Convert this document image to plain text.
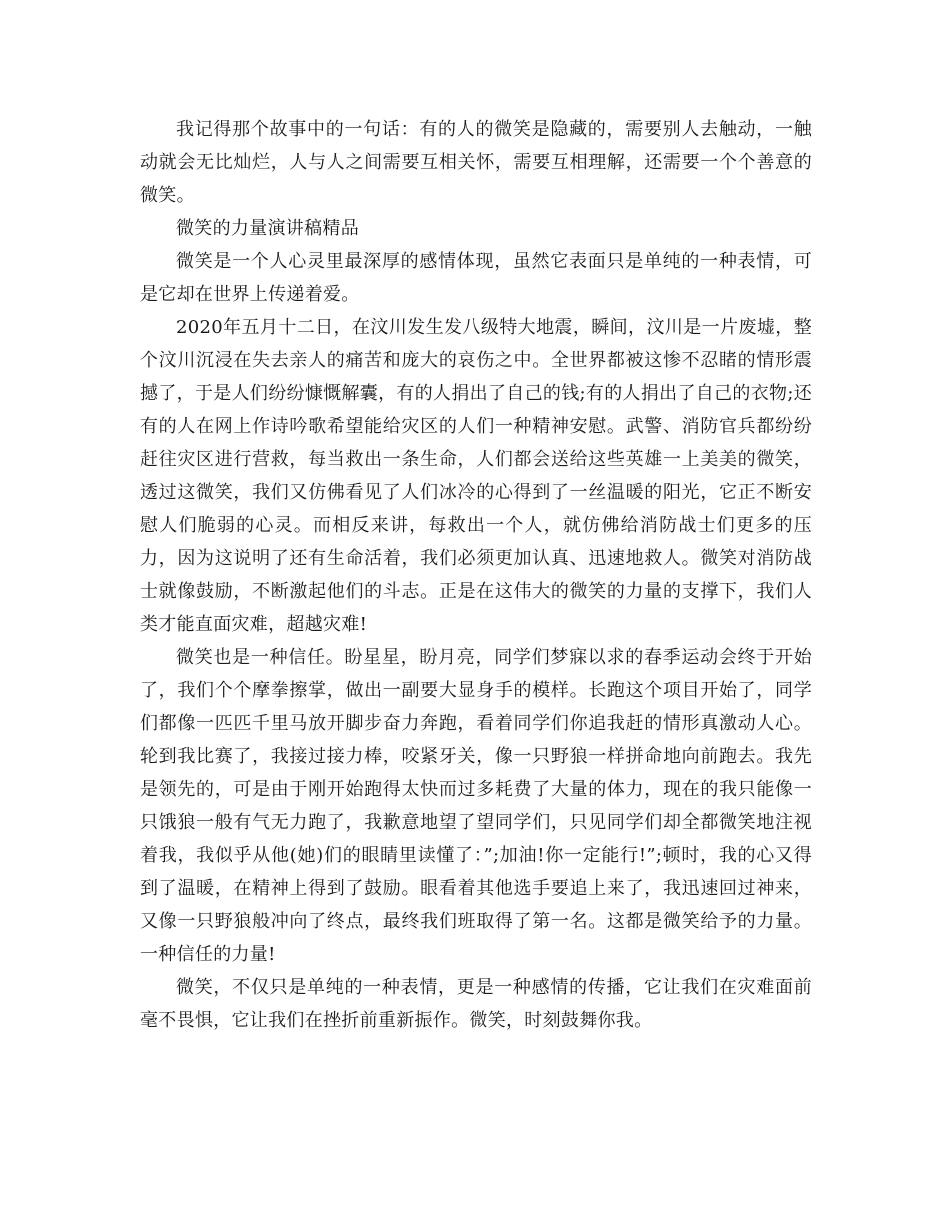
我记得那个故事中的一句话：有的人的微笑是隐藏的，需要别人去触动，一触动就会无比灿烂，人与人之间需要互相关怀，需要互相理解，还需要一个个善意的微笑。

微笑的力量演讲稿精品

微笑是一个人心灵里最深厚的感情体现，虽然它表面只是单纯的一种表情，可是它却在世界上传递着爱。

2020年五月十二日，在汶川发生发八级特大地震，瞬间，汶川是一片废墟，整个汶川沉浸在失去亲人的痛苦和庞大的哀伤之中。全世界都被这惨不忍睹的情形震撼了，于是人们纷纷慷慨解囊，有的人捐出了自己的钱;有的人捐出了自己的衣物;还有的人在网上作诗吟歌希望能给灾区的人们一种精神安慰。武警、消防官兵都纷纷赶往灾区进行营救，每当救出一条生命，人们都会送给这些英雄一上美美的微笑，透过这微笑，我们又仿佛看见了人们冰冷的心得到了一丝温暖的阳光，它正不断安慰人们脆弱的心灵。而相反来讲，每救出一个人，就仿佛给消防战士们更多的压力，因为这说明了还有生命活着，我们必须更加认真、迅速地救人。微笑对消防战士就像鼓励，不断激起他们的斗志。正是在这伟大的微笑的力量的支撑下，我们人类才能直面灾难，超越灾难!

微笑也是一种信任。盼星星，盼月亮，同学们梦寐以求的春季运动会终于开始了，我们个个摩拳擦掌，做出一副要大显身手的模样。长跑这个项目开始了，同学们都像一匹匹千里马放开脚步奋力奔跑，看着同学们你追我赶的情形真激动人心。轮到我比赛了，我接过接力棒，咬紧牙关，像一只野狼一样拼命地向前跑去。我先是领先的，可是由于刚开始跑得太快而过多耗费了大量的体力，现在的我只能像一只饿狼一般有气无力跑了，我歉意地望了望同学们，只见同学们却全都微笑地注视着我，我似乎从他(她)们的眼睛里读懂了：”;加油!你一定能行!”;顿时，我的心又得到了温暖，在精神上得到了鼓励。眼看着其他选手要追上来了，我迅速回过神来，又像一只野狼般冲向了终点，最终我们班取得了第一名。这都是微笑给予的力量。一种信任的力量!

微笑，不仅只是单纯的一种表情，更是一种感情的传播，它让我们在灾难面前毫不畏惧，它让我们在挫折前重新振作。微笑，时刻鼓舞你我。
